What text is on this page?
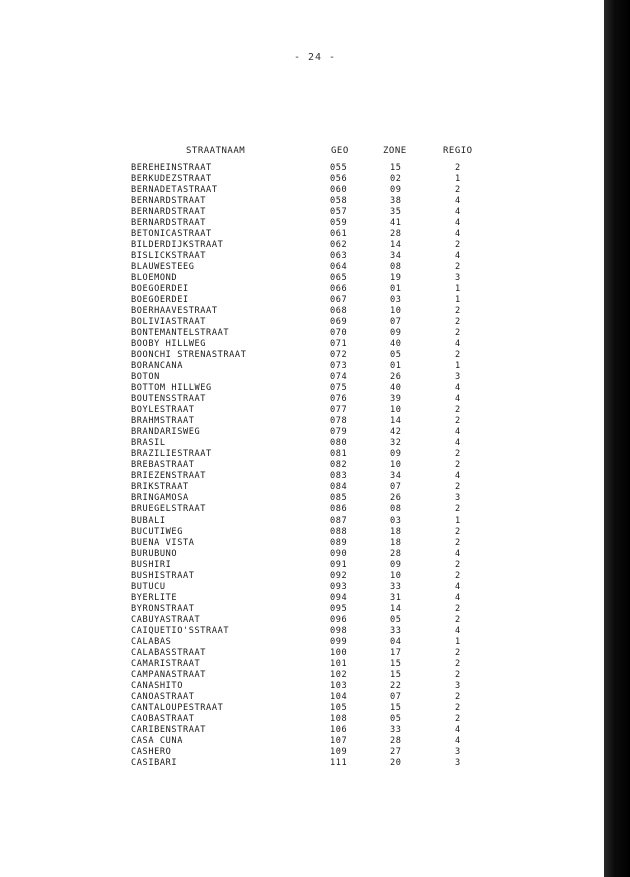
- 24 -
STRAATNAAM	GEO	ZONE	REGIO
BEREHEINSTRAAT	055	15	2
BERKUDEZSTRAAT	056	02	1
BERNADETASTRAAT	060	09	2
BERNARDSTRAAT	058	38	4
BERNARDSTRAAT	057	35	4
BERNARDSTRAAT	059	41	4
BETONICASTRAAT	061	28	4
BILDERDIJKSTRAAT	062	14	2
BISLICKSTRAAT	063	34	4
BLAUWESTEEG	064	08	2
BLOEMOND	065	19	3
BOEGOERDEI	066	01	1
BOEGOERDEI	067	03	1
BOERHAAVESTRAAT	068	10	2
BOLIVIASTRAAT	069	07	2
BONTEMANTELSTRAAT	070	09	2
BOOBY HILLWEG	071	40	4
BOONCHI STRENASTRAAT	072	05	2
BORANCANA	073	01	1
BOTON	074	26	3
BOTTOM HILLWEG	075	40	4
BOUTENSSTRAAT	076	39	4
BOYLESTRAAT	077	10	2
BRAHMSTRAAT	078	14	2
BRANDARISWEG	079	42	4
BRASIL	080	32	4
BRAZILIESTRAAT	081	09	2
BREBASTRAAT	082	10	2
BRIEZENSTRAAT	083	34	4
BRIKSTRAAT	084	07	2
BRINGAMOSA	085	26	3
BRUEGELSTRAAT	086	08	2
BUBALI	087	03	1
BUCUTIWEG	088	18	2
BUENA VISTA	089	18	2
BURUBUNO	090	28	4
BUSHIRI	091	09	2
BUSHISTRAAT	092	10	2
BUTUCU	093	33	4
BYERLITE	094	31	4
BYRONSTRAAT	095	14	2
CABUYASTRAAT	096	05	2
CAIQUETIO'SSTRAAT	098	33	4
CALABAS	099	04	1
CALABASSTRAAT	100	17	2
CAMARISTRAAT	101	15	2
CAMPANASTRAAT	102	15	2
CANASHITO	103	22	3
CANOASTRAAT	104	07	2
CANTALOUPESTRAAT	105	15	2
CAOBASTRAAT	108	05	2
CARIBENSTRAAT	106	33	4
CASA CUNA	107	28	4
CASHERO	109	27	3
CASIBARI	111	20	3
